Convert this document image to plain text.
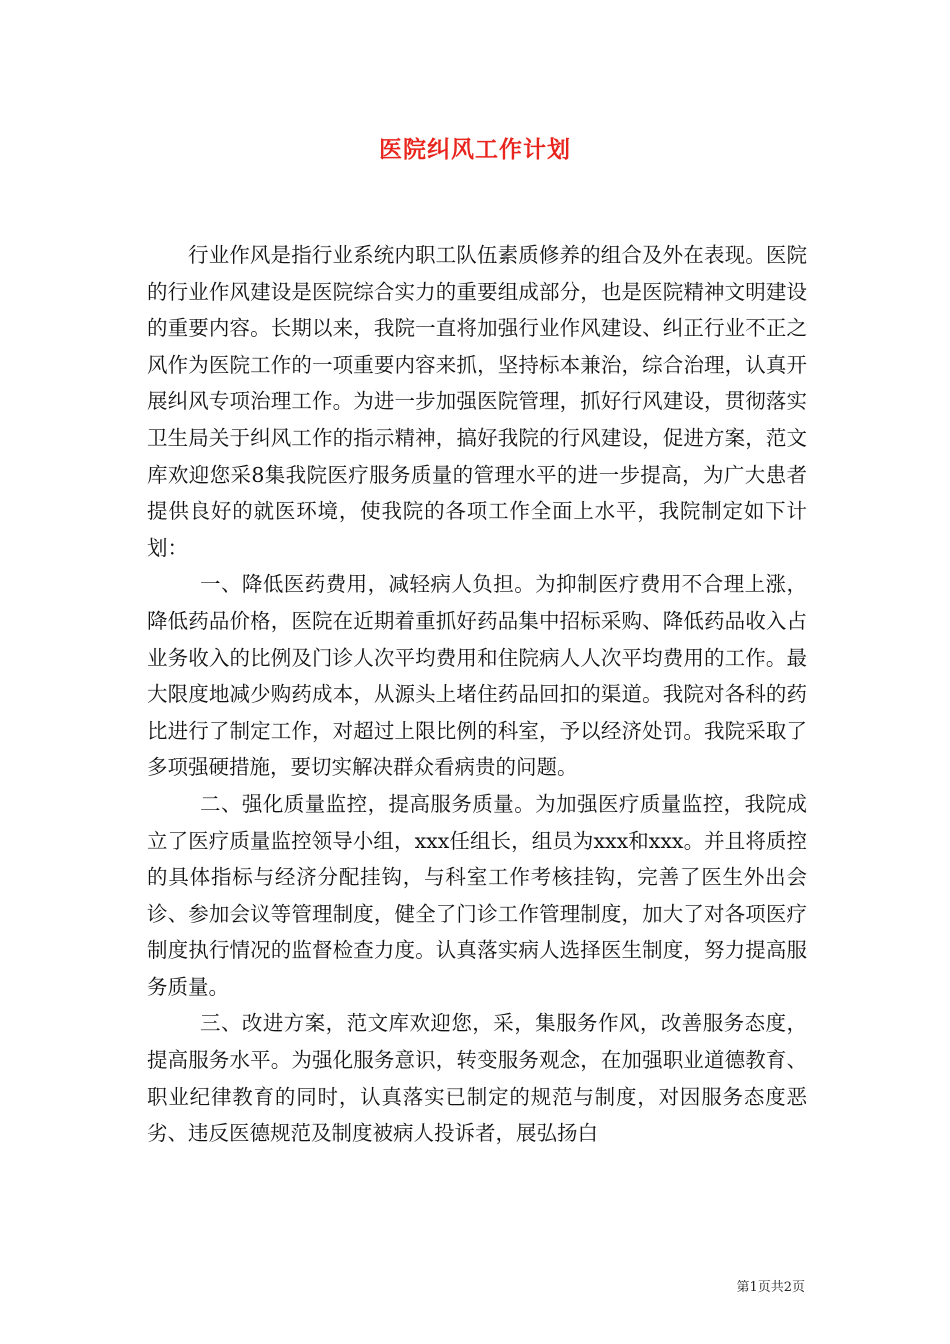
医院纠风工作计划

行业作风是指行业系统内职工队伍素质修养的组合及外在表现。医院的行业作风建设是医院综合实力的重要组成部分，也是医院精神文明建设的重要内容。长期以来，我院一直将加强行业作风建设、纠正行业不正之风作为医院工作的一项重要内容来抓，坚持标本兼治，综合治理，认真开展纠风专项治理工作。为进一步加强医院管理，抓好行风建设，贯彻落实卫生局关于纠风工作的指示精神，搞好我院的行风建设，促进方案，范文库欢迎您采8集我院医疗服务质量的管理水平的进一步提高，为广大患者提供良好的就医环境，使我院的各项工作全面上水平，我院制定如下计划：

一、降低医药费用，减轻病人负担。为抑制医疗费用不合理上涨，降低药品价格，医院在近期着重抓好药品集中招标采购、降低药品收入占业务收入的比例及门诊人次平均费用和住院病人人次平均费用的工作。最大限度地减少购药成本，从源头上堵住药品回扣的渠道。我院对各科的药比进行了制定工作，对超过上限比例的科室，予以经济处罚。我院采取了多项强硬措施，要切实解决群众看病贵的问题。

二、强化质量监控，提高服务质量。为加强医疗质量监控，我院成立了医疗质量监控领导小组，xxx任组长，组员为xxx和xxx。并且将质控的具体指标与经济分配挂钩，与科室工作考核挂钩，完善了医生外出会诊、参加会议等管理制度，健全了门诊工作管理制度，加大了对各项医疗制度执行情况的监督检查力度。认真落实病人选择医生制度，努力提高服务质量。

三、改进方案，范文库欢迎您，采，集服务作风，改善服务态度，提高服务水平。为强化服务意识，转变服务观念，在加强职业道德教育、职业纪律教育的同时，认真落实已制定的规范与制度，对因服务态度恶劣、违反医德规范及制度被病人投诉者，展弘扬白

第1页共2页
